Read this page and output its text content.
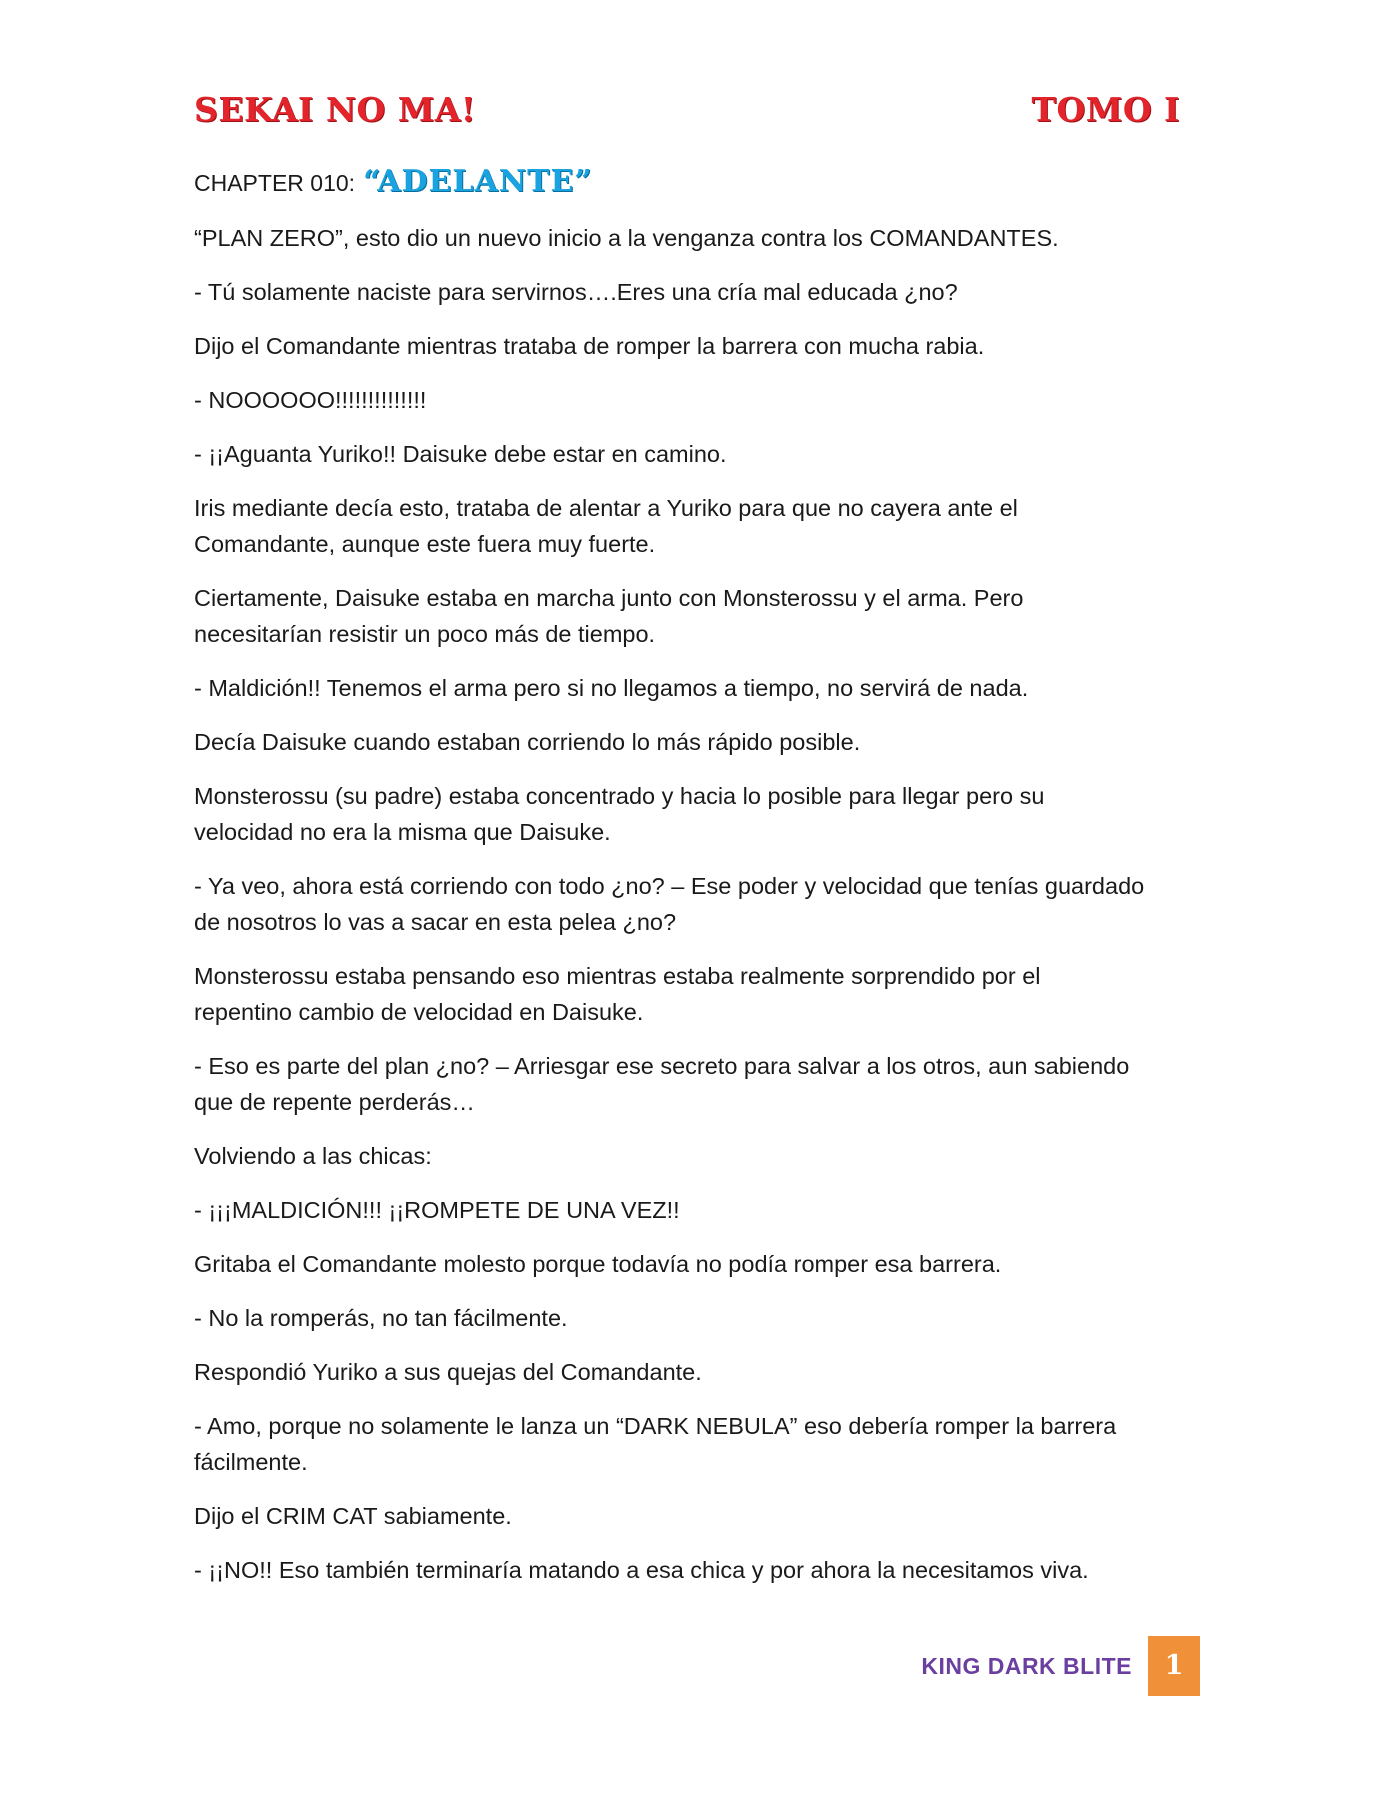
SEKAI NO MA!	TOMO I
CHAPTER 010: “ADELANTE”

“PLAN ZERO”, esto dio un nuevo inicio a la venganza contra los COMANDANTES.

- Tú solamente naciste para servirnos….Eres una cría mal educada ¿no?

Dijo el Comandante mientras trataba de romper la barrera con mucha rabia.

- NOOOOOO!!!!!!!!!!!!!!

- ¡¡Aguanta Yuriko!! Daisuke debe estar en camino.

Iris mediante decía esto, trataba de alentar a Yuriko para que no cayera ante el
Comandante, aunque este fuera muy fuerte.

Ciertamente, Daisuke estaba en marcha junto con Monsterossu y el arma. Pero
necesitarían resistir un poco más de tiempo.

- Maldición!! Tenemos el arma pero si no llegamos a tiempo, no servirá de nada.

Decía Daisuke cuando estaban corriendo lo más rápido posible.

Monsterossu (su padre) estaba concentrado y hacia lo posible para llegar pero su
velocidad no era la misma que Daisuke.

- Ya veo, ahora está corriendo con todo ¿no? – Ese poder y velocidad que tenías guardado
de nosotros lo vas a sacar en esta pelea ¿no?

Monsterossu estaba pensando eso mientras estaba realmente sorprendido por el
repentino cambio de velocidad en Daisuke.

- Eso es parte del plan ¿no? – Arriesgar ese secreto para salvar a los otros, aun sabiendo
que de repente perderás…

Volviendo a las chicas:

- ¡¡¡MALDICIÓN!!! ¡¡ROMPETE DE UNA VEZ!!

Gritaba el Comandante molesto porque todavía no podía romper esa barrera.

- No la romperás, no tan fácilmente.

Respondió Yuriko a sus quejas del Comandante.

- Amo, porque no solamente le lanza un “DARK NEBULA” eso debería romper la barrera
fácilmente.

Dijo el CRIM CAT sabiamente.

- ¡¡NO!! Eso también terminaría matando a esa chica y por ahora la necesitamos viva.

KING DARK BLITE	1
